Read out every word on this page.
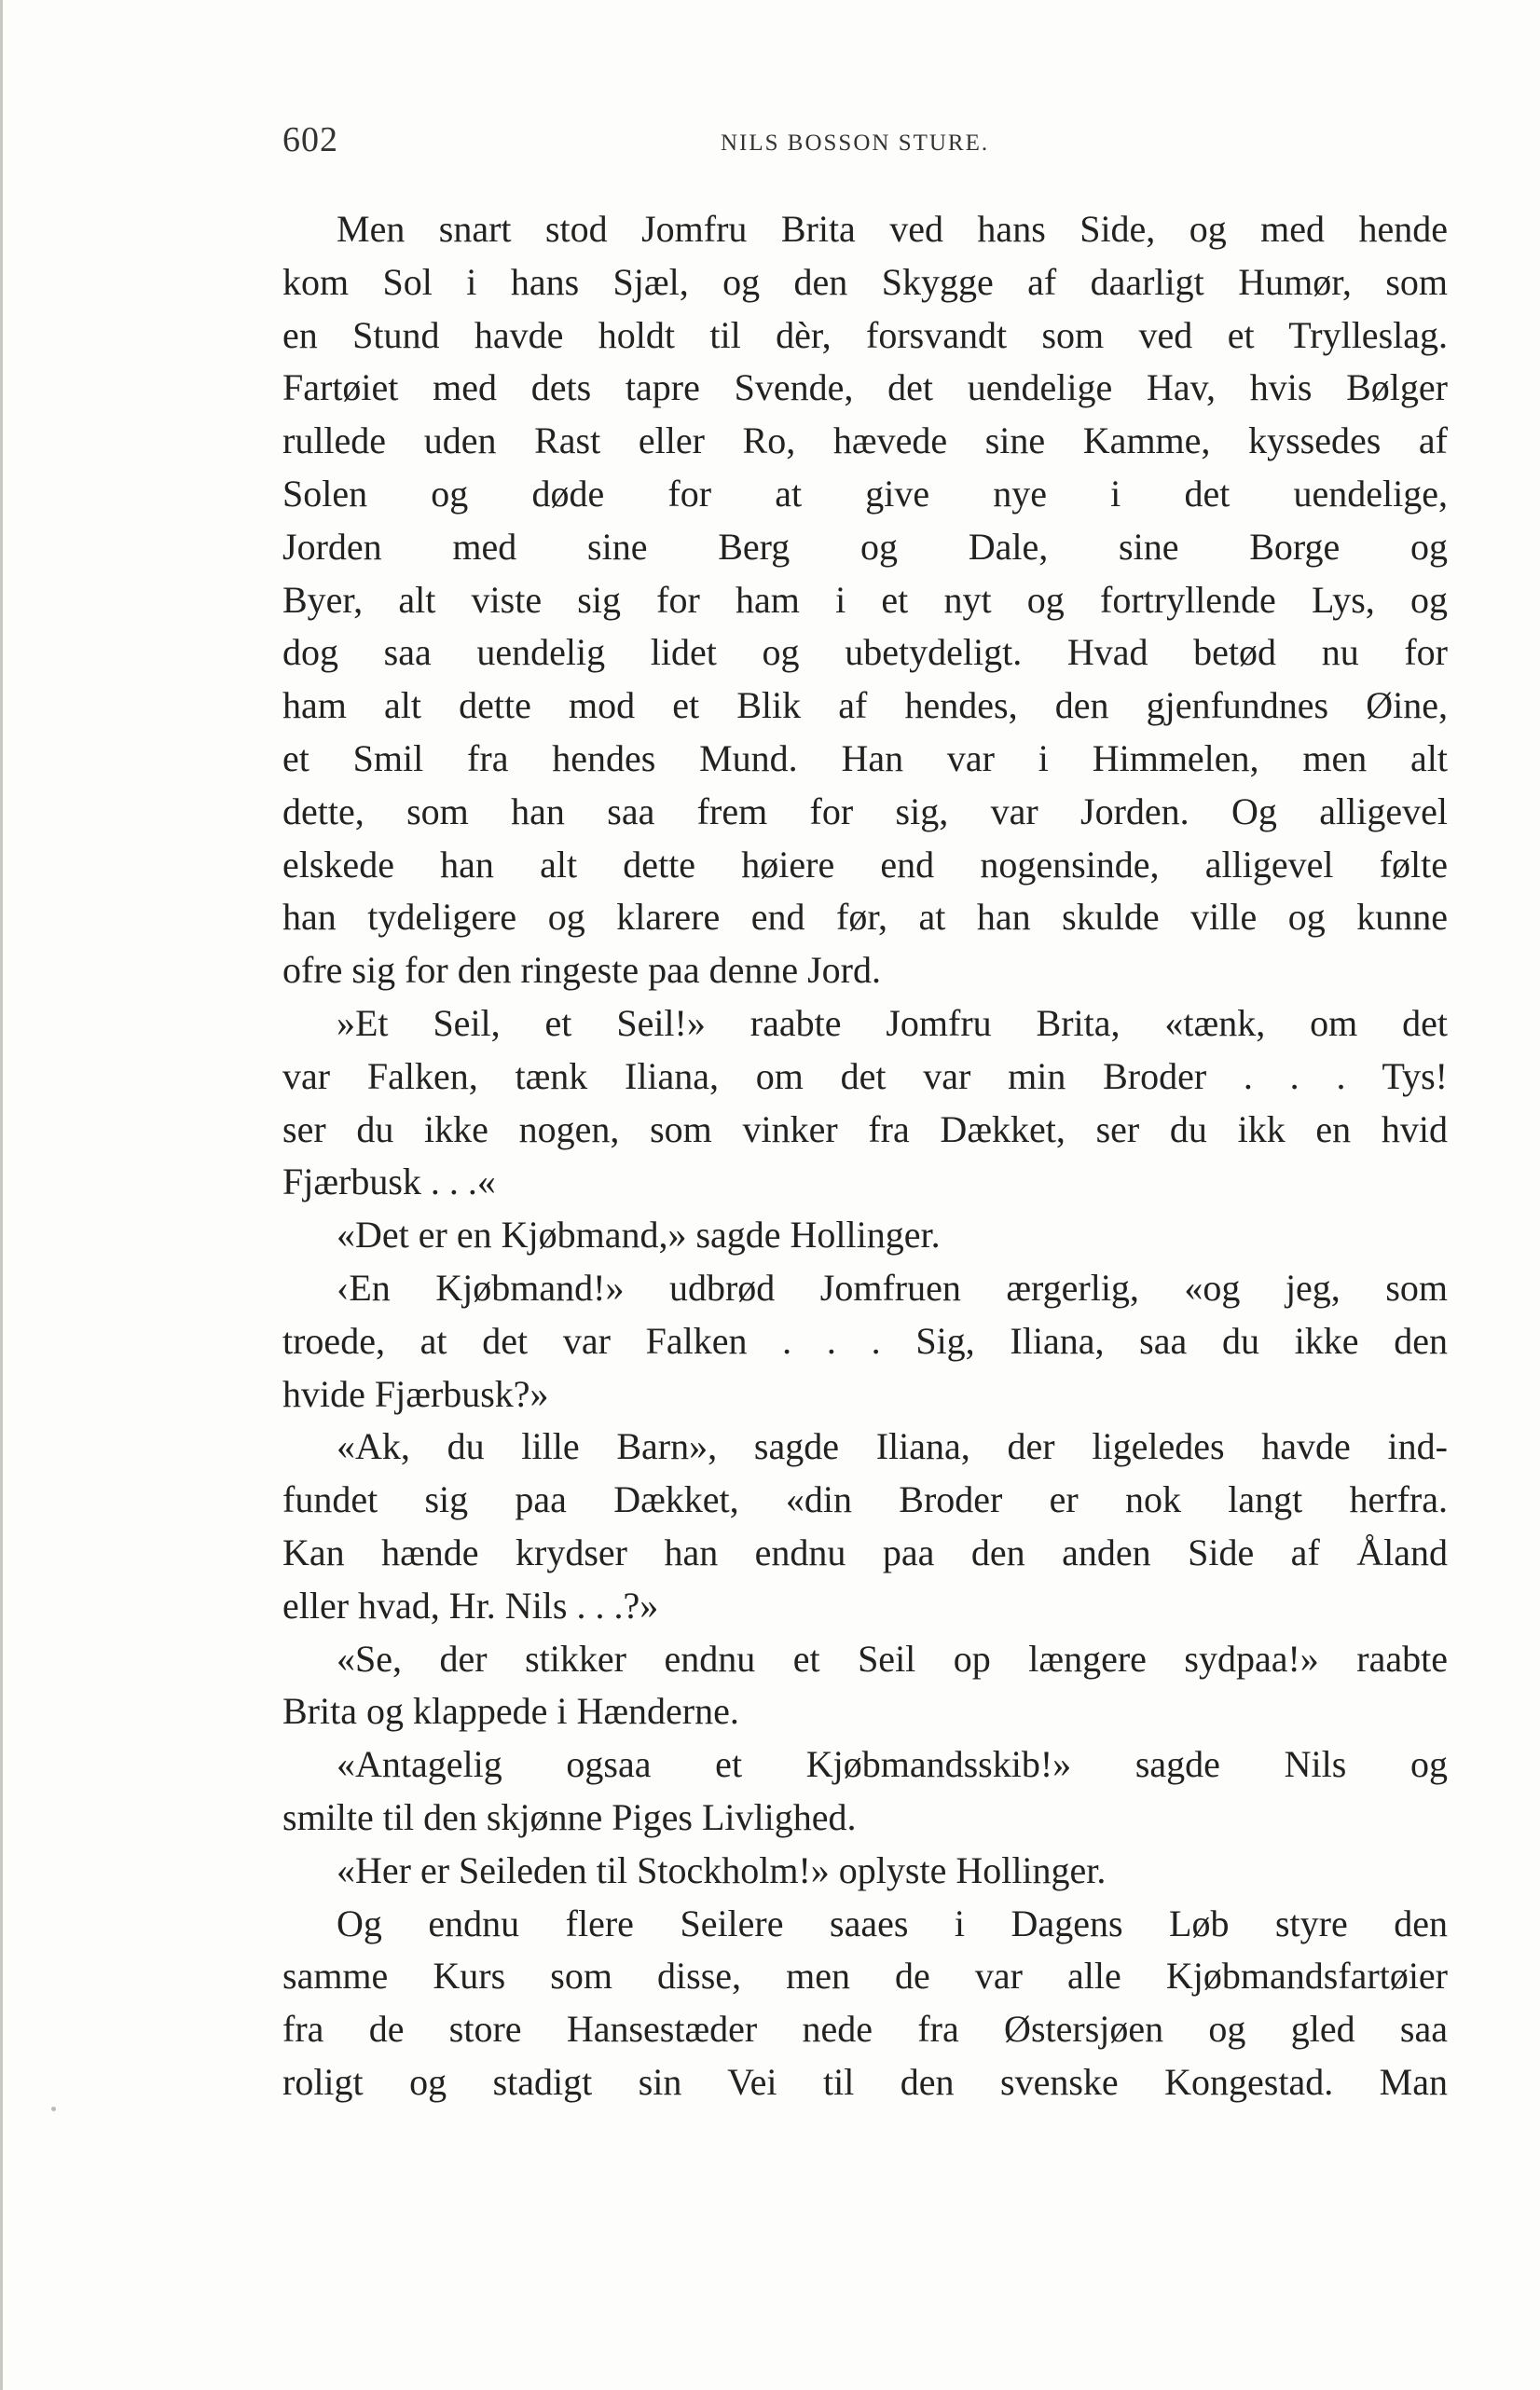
602	NILS BOSSON STURE.
Men snart stod Jomfru Brita ved hans Side, og med hende
kom Sol i hans Sjæl, og den Skygge af daarligt Humør, som
en Stund havde holdt til dèr, forsvandt som ved et Trylleslag.
Fartøiet med dets tapre Svende, det uendelige Hav, hvis Bølger
rullede uden Rast eller Ro, hævede sine Kamme, kyssedes af
Solen og døde for at give nye i det uendelige,
Jorden med sine Berg og Dale, sine Borge og
Byer, alt viste sig for ham i et nyt og fortryllende Lys, og
dog saa uendelig lidet og ubetydeligt. Hvad betød nu for
ham alt dette mod et Blik af hendes, den gjenfundnes Øine,
et Smil fra hendes Mund. Han var i Himmelen, men alt
dette, som han saa frem for sig, var Jorden. Og alligevel
elskede han alt dette høiere end nogensinde, alligevel følte
han tydeligere og klarere end før, at han skulde ville og kunne
ofre sig for den ringeste paa denne Jord.
»Et Seil, et Seil!» raabte Jomfru Brita, «tænk, om det
var Falken, tænk Iliana, om det var min Broder . . . Tys!
ser du ikke nogen, som vinker fra Dækket, ser du ikk en hvid
Fjærbusk . . .«
«Det er en Kjøbmand,» sagde Hollinger.
‹En Kjøbmand!» udbrød Jomfruen ærgerlig, «og jeg, som
troede, at det var Falken . . . Sig, Iliana, saa du ikke den
hvide Fjærbusk?»
«Ak, du lille Barn», sagde Iliana, der ligeledes havde ind-
fundet sig paa Dækket, «din Broder er nok langt herfra.
Kan hænde krydser han endnu paa den anden Side af Åland
eller hvad, Hr. Nils . . .?»
«Se, der stikker endnu et Seil op længere sydpaa!» raabte
Brita og klappede i Hænderne.
«Antagelig ogsaa et Kjøbmandsskib!» sagde Nils og
smilte til den skjønne Piges Livlighed.
«Her er Seileden til Stockholm!» oplyste Hollinger.
Og endnu flere Seilere saaes i Dagens Løb styre den
samme Kurs som disse, men de var alle Kjøbmandsfartøier
fra de store Hansestæder nede fra Østersjøen og gled saa
roligt og stadigt sin Vei til den svenske Kongestad. Man
